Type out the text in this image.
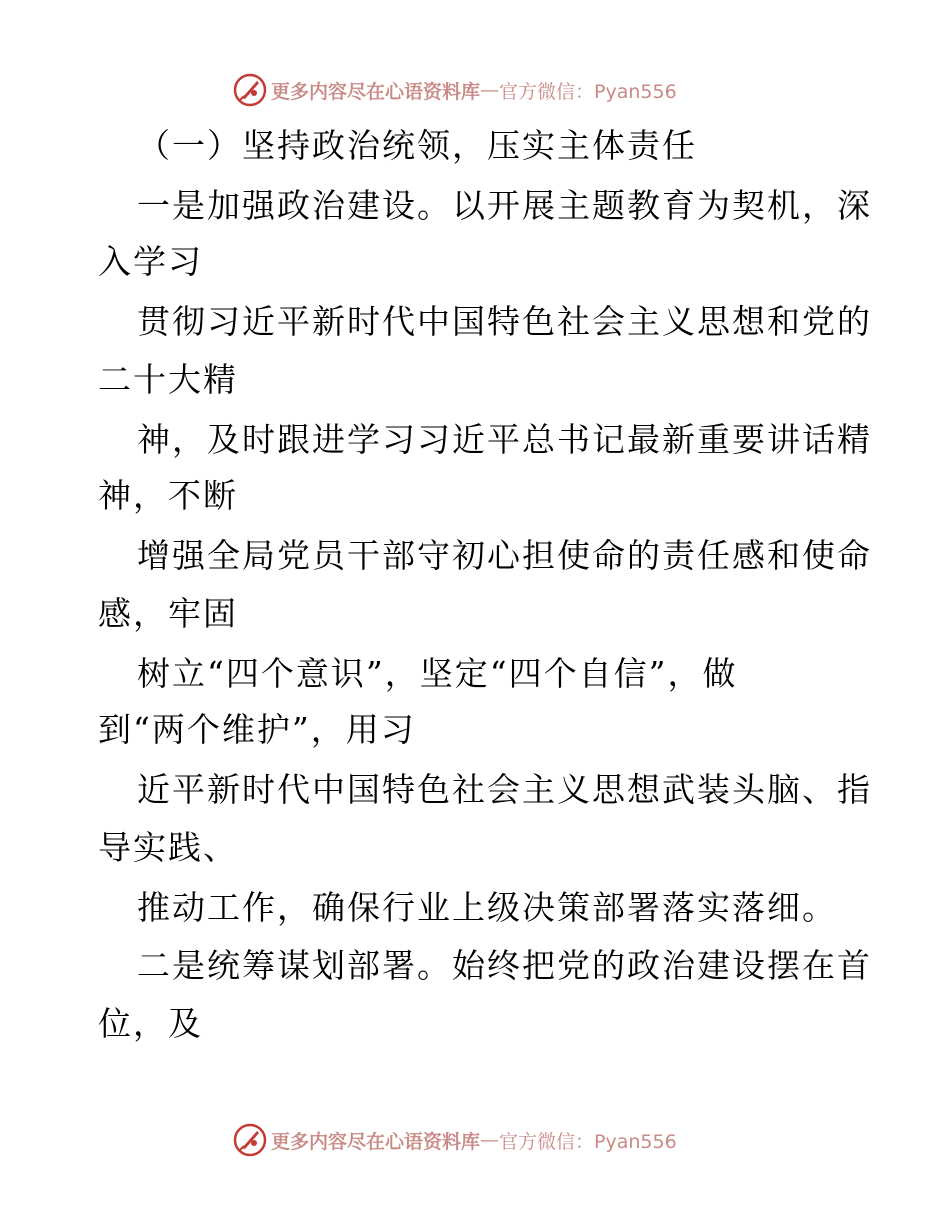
更多内容尽在心语资料库 — 官方微信：Pyan556
（一）坚持政治统领，压实主体责任
一是加强政治建设。以开展主题教育为契机，深
入学习
贯彻习近平新时代中国特色社会主义思想和党的
二十大精
神，及时跟进学习习近平总书记最新重要讲话精
神，不断
增强全局党员干部守初心担使命的责任感和使命
感，牢固
树立“四个意识”，坚定“四个自信”，做
到“两个维护”，用习
近平新时代中国特色社会主义思想武装头脑、指
导实践、
推动工作，确保行业上级决策部署落实落细。
二是统筹谋划部署。始终把党的政治建设摆在首
位，及
更多内容尽在心语资料库 — 官方微信：Pyan556
